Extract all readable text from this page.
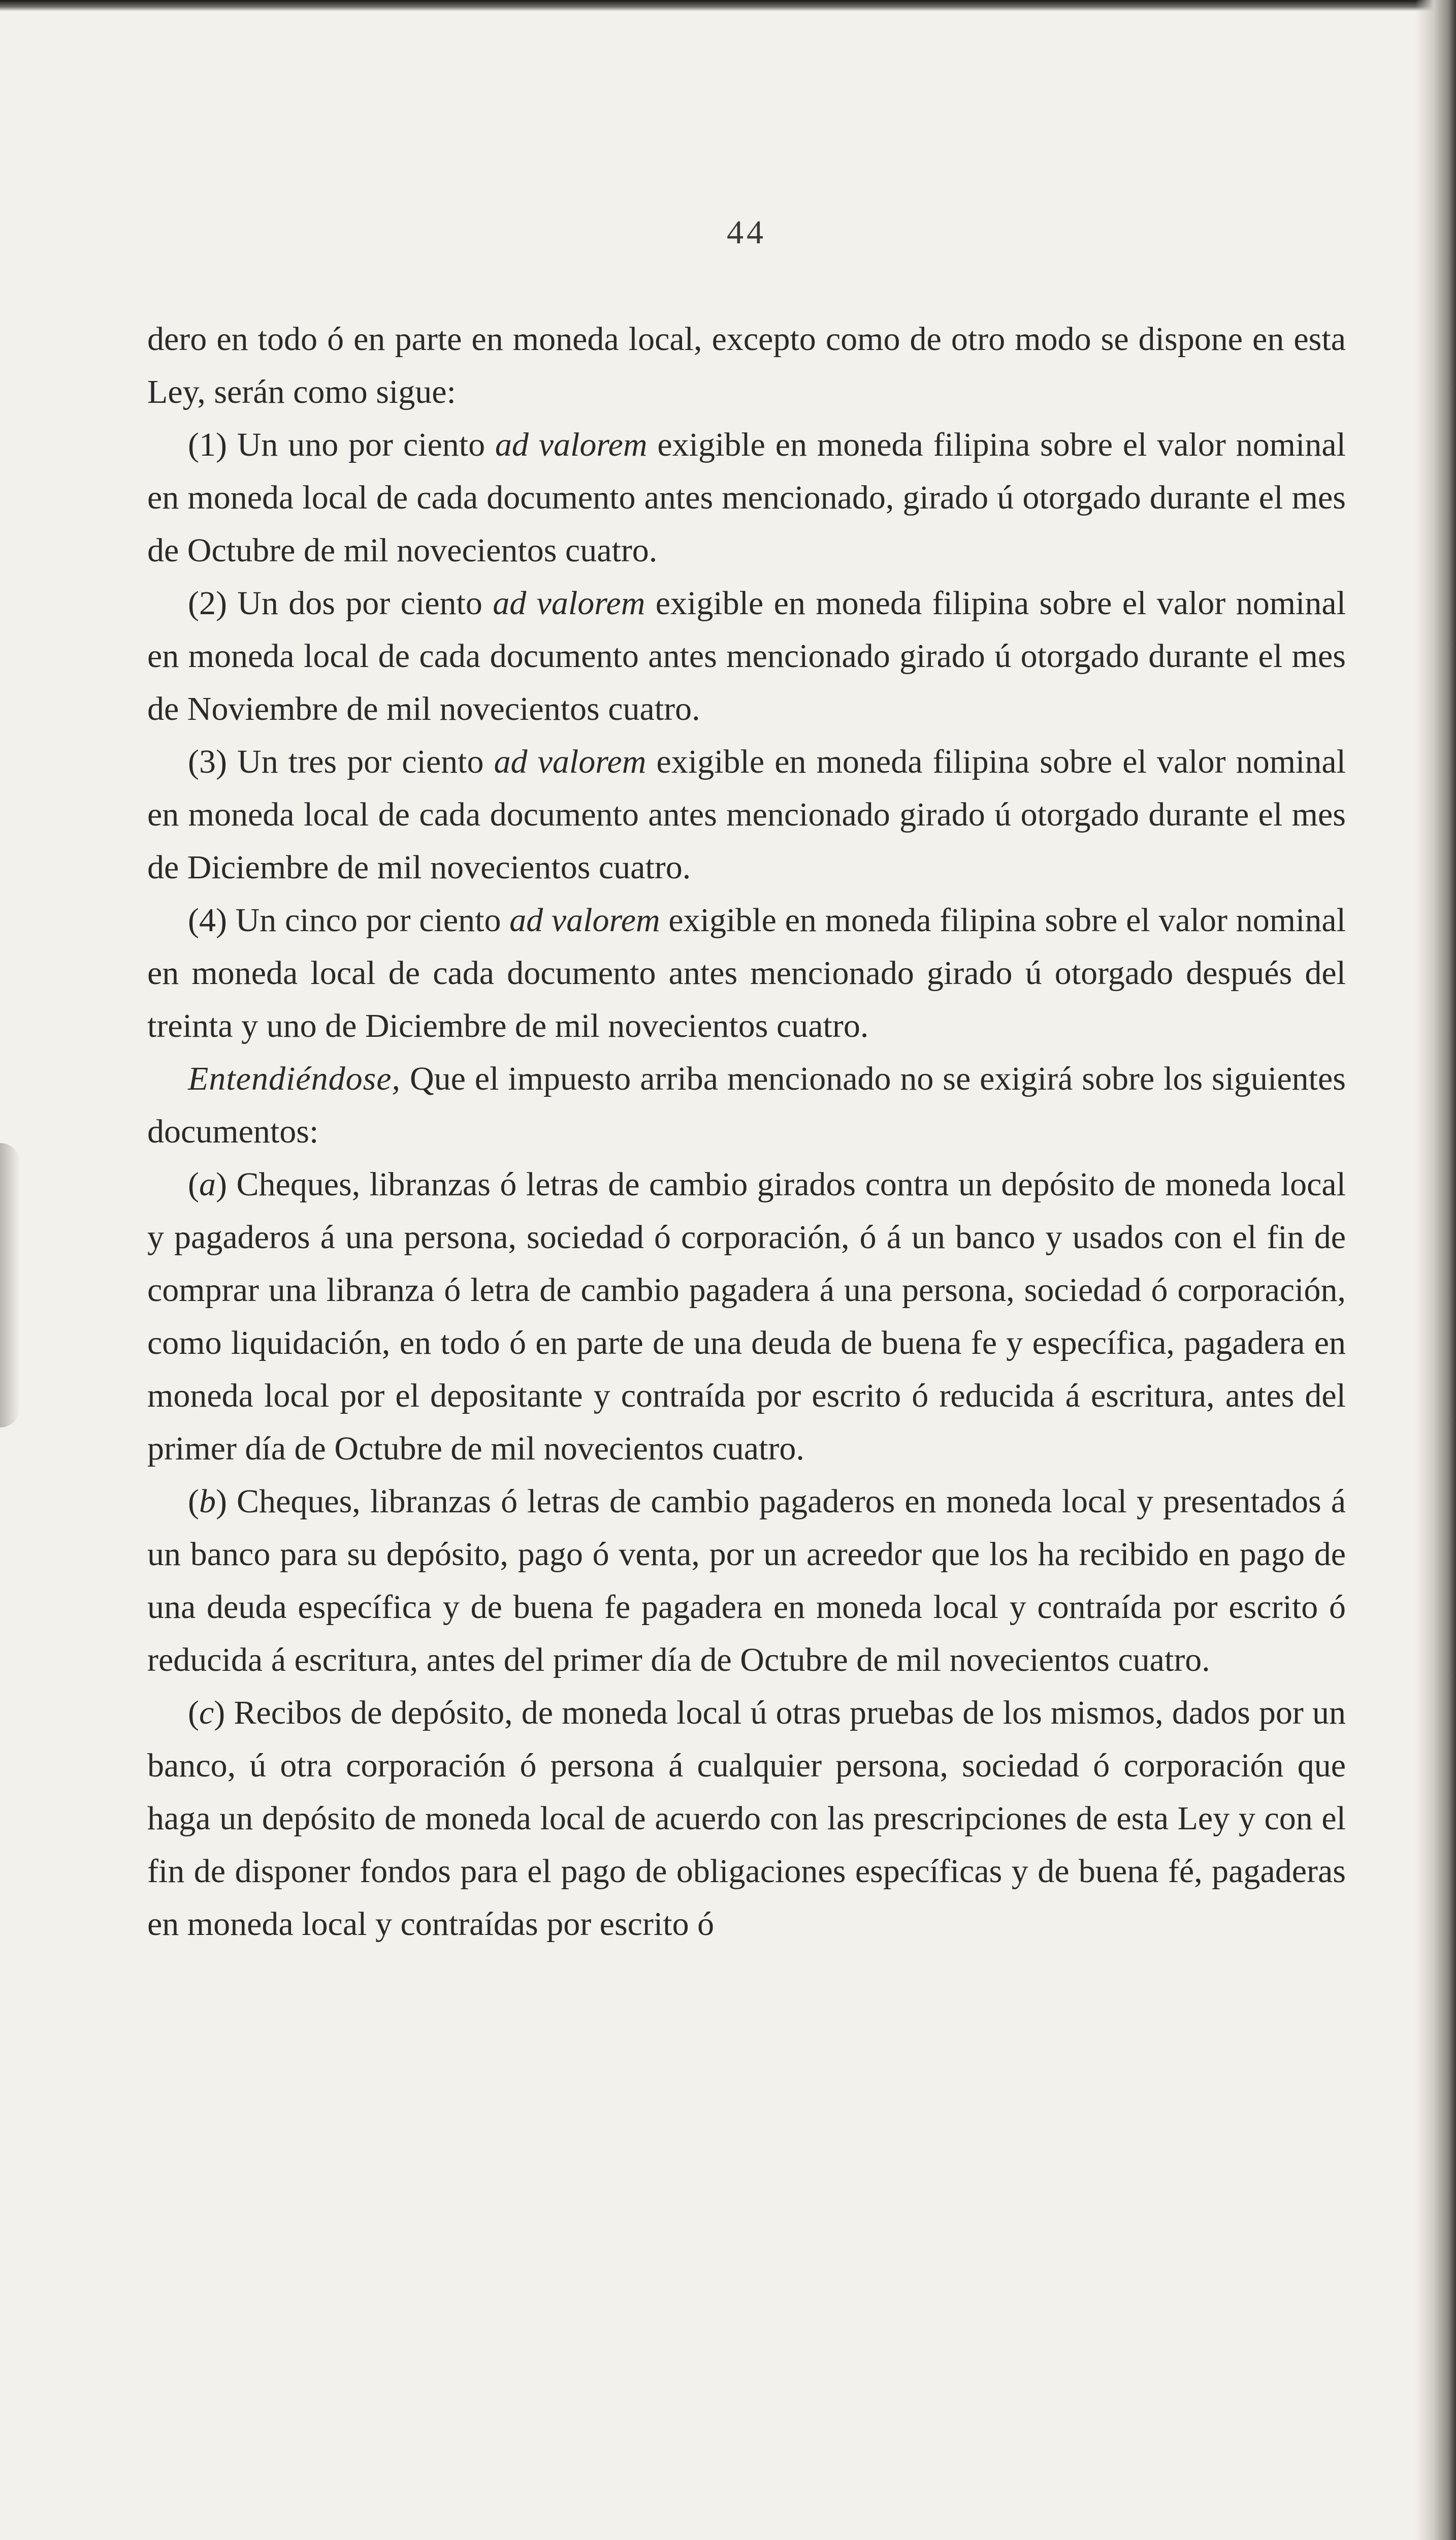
44

dero en todo ó en parte en moneda local, excepto como de otro modo se dispone en esta Ley, serán como sigue:

(1) Un uno por ciento ad valorem exigible en moneda filipina sobre el valor nominal en moneda local de cada documento antes mencionado, girado ú otorgado durante el mes de Octubre de mil novecientos cuatro.

(2) Un dos por ciento ad valorem exigible en moneda filipina sobre el valor nominal en moneda local de cada documento antes mencionado girado ú otorgado durante el mes de Noviembre de mil novecientos cuatro.

(3) Un tres por ciento ad valorem exigible en moneda filipina sobre el valor nominal en moneda local de cada documento antes mencionado girado ú otorgado durante el mes de Diciembre de mil novecientos cuatro.

(4) Un cinco por ciento ad valorem exigible en moneda filipina sobre el valor nominal en moneda local de cada documento antes mencionado girado ú otorgado después del treinta y uno de Diciembre de mil novecientos cuatro.

Entendiéndose, Que el impuesto arriba mencionado no se exigirá sobre los siguientes documentos:

(a) Cheques, libranzas ó letras de cambio girados contra un depósito de moneda local y pagaderos á una persona, sociedad ó corporación, ó á un banco y usados con el fin de comprar una libranza ó letra de cambio pagadera á una persona, sociedad ó corporación, como liquidación, en todo ó en parte de una deuda de buena fe y específica, pagadera en moneda local por el depositante y contraída por escrito ó reducida á escritura, antes del primer día de Octubre de mil novecientos cuatro.

(b) Cheques, libranzas ó letras de cambio pagaderos en moneda local y presentados á un banco para su depósito, pago ó venta, por un acreedor que los ha recibido en pago de una deuda específica y de buena fe pagadera en moneda local y contraída por escrito ó reducida á escritura, antes del primer día de Octubre de mil novecientos cuatro.

(c) Recibos de depósito, de moneda local ú otras pruebas de los mismos, dados por un banco, ú otra corporación ó persona á cualquier persona, sociedad ó corporación que haga un depósito de moneda local de acuerdo con las prescripciones de esta Ley y con el fin de disponer fondos para el pago de obligaciones específicas y de buena fé, pagaderas en moneda local y contraídas por escrito ó
